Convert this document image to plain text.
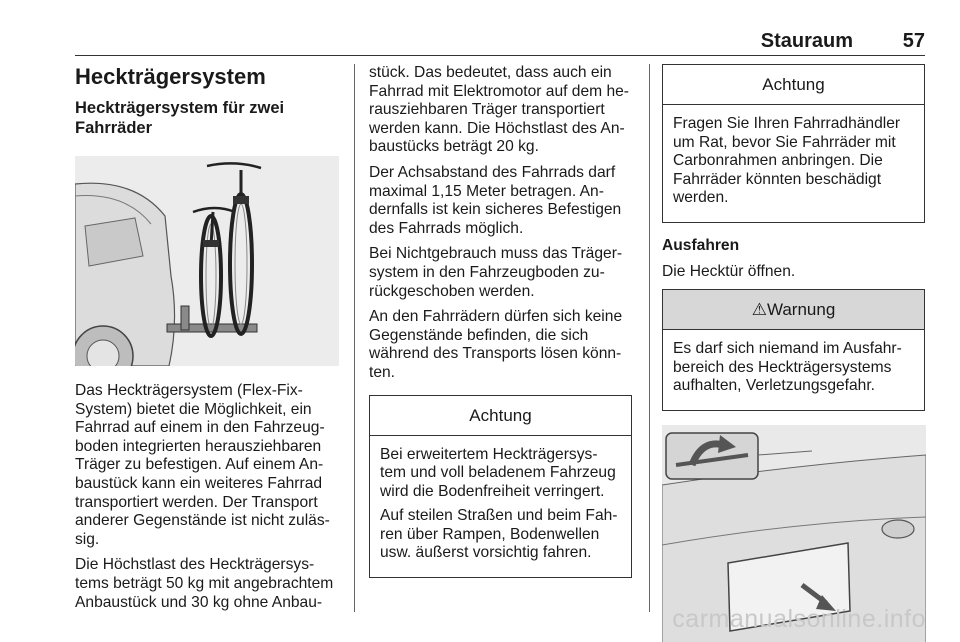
Stauraum 57
Heckträgersystem
Heckträgersystem für zwei Fahrräder

Das Heckträgersystem (Flex-Fix-System) bietet die Möglichkeit, ein Fahrrad auf einem in den Fahrzeug-boden integrierten herausziehbaren Träger zu befestigen. Auf einem An-baustück kann ein weiteres Fahrrad transportiert werden. Der Transport anderer Gegenstände ist nicht zuläs-sig.

Die Höchstlast des Heckträgersys-tems beträgt 50 kg mit angebrachtem Anbaustück und 30 kg ohne Anbau-

stück. Das bedeutet, dass auch ein Fahrrad mit Elektromotor auf dem he-rausziehbaren Träger transportiert werden kann. Die Höchstlast des An-baustücks beträgt 20 kg.

Der Achsabstand des Fahrrads darf maximal 1,15 Meter betragen. An-dernfalls ist kein sicheres Befestigen des Fahrrads möglich.

Bei Nichtgebrauch muss das Träger-system in den Fahrzeugboden zu-rückgeschoben werden.

An den Fahrrädern dürfen sich keine Gegenstände befinden, die sich während des Transports lösen könn-ten.

Achtung

Bei erweitertem Heckträgersys-tem und voll beladenem Fahrzeug wird die Bodenfreiheit verringert.

Auf steilen Straßen und beim Fah-ren über Rampen, Bodenwellen usw. äußerst vorsichtig fahren.

Achtung

Fragen Sie Ihren Fahrradhändler um Rat, bevor Sie Fahrräder mit Carbonrahmen anbringen. Die Fahrräder könnten beschädigt werden.

Ausfahren

Die Hecktür öffnen.

⚠Warnung

Es darf sich niemand im Ausfahr-bereich des Heckträgersystems aufhalten, Verletzungsgefahr.

carmanualsonline.info
